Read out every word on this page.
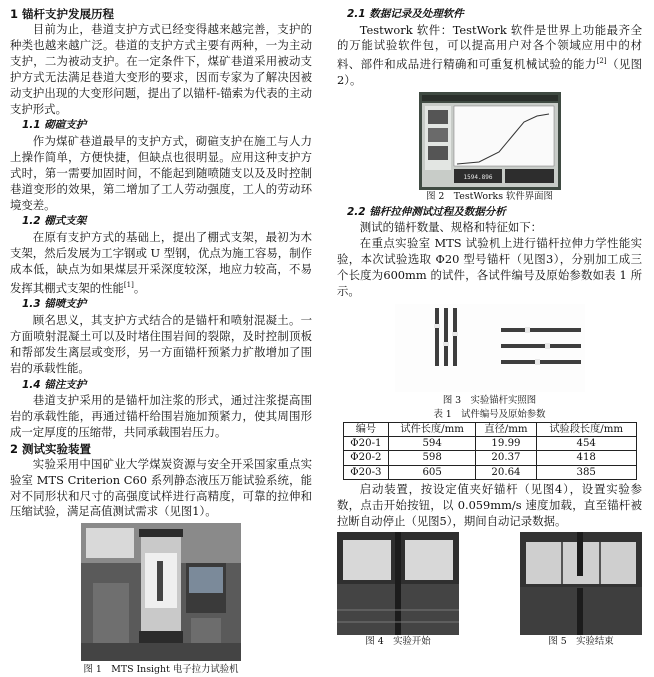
1 锚杆支护发展历程

目前为止，巷道支护方式已经变得越来越完善，支护的种类也越来越广泛。巷道的支护方式主要有两种，一为主动支护，二为被动支护。在一定条件下，煤矿巷道采用被动支护方式无法满足巷道大变形的要求，因而专家为了解决因被动支护出现的大变形问题，提出了以锚杆-锚索为代表的主动支护形式。

1.1 砌碹支护

作为煤矿巷道最早的支护方式，砌碹支护在施工与人力上操作简单，方便快捷，但缺点也很明显。应用这种支护方式时，第一需要加固时间，不能起到随喷随支以及及时控制巷道变形的效果，第二增加了工人劳动强度，工人的劳动环境变差。

1.2 棚式支架

在原有支护方式的基础上，提出了棚式支架，最初为木支架，然后发展为工字钢或 U 型钢，优点为施工容易，制作成本低，缺点为如果煤层开采深度较深，地应力较高，不易发挥其棚式支架的性能[1]。

1.3 锚喷支护

顾名思义，其支护方式结合的是锚杆和喷射混凝土。一方面喷射混凝土可以及时堵住围岩间的裂隙，及时控制顶板和帮部发生离层或变形，另一方面锚杆预紧力扩散增加了围岩的承载性能。

1.4 锚注支护

巷道支护采用的是锚杆加注浆的形式，通过注浆提高围岩的承载性能，再通过锚杆给围岩施加预紧力，使其周围形成一定厚度的压缩带，共同承载围岩压力。

2 测试实验装置

实验采用中国矿业大学煤炭资源与安全开采国家重点实验室 MTS Criterion C60 系列静态液压万能试验系统，能对不同形状和尺寸的高强度试样进行高精度，可靠的拉伸和压缩试验，满足高值测试需求（见图1）。

图 1　MTS Insight 电子拉力试验机
2.1 数据记录及处理软件

Testwork 软件：TestWork 软件是世界上功能最齐全的万能试验软件包，可以提高用户对各个领域应用中的材料、部件和成品进行精确和可重复机械试验的能力[2]（见图2）。

1594.896
图 2　TestWorks 软件界面图
2.2 锚杆拉伸测试过程及数据分析

测试的锚杆数量、规格和特征如下：

在重点实验室 MTS 试验机上进行锚杆拉伸力学性能实验，本次试验选取 Φ20 型号锚杆（见图3），分别加工成三个长度为600mm 的试件，各试件编号及原始参数如表 1 所示。

图 3　实验锚杆实照图
表 1　试件编号及原始参数
编号	试件长度/mm	直径/mm	试验段长度/mm
Φ20-1	594	19.99	454
Φ20-2	598	20.37	418
Φ20-3	605	20.64	385

启动装置，按设定值夹好锚杆（见图4），设置实验参数，点击开始按钮，以 0.059mm/s 速度加载，直至锚杆被拉断自动停止（见图5），期间自动记录数据。

图 4　实验开始	图 5　实验结束
